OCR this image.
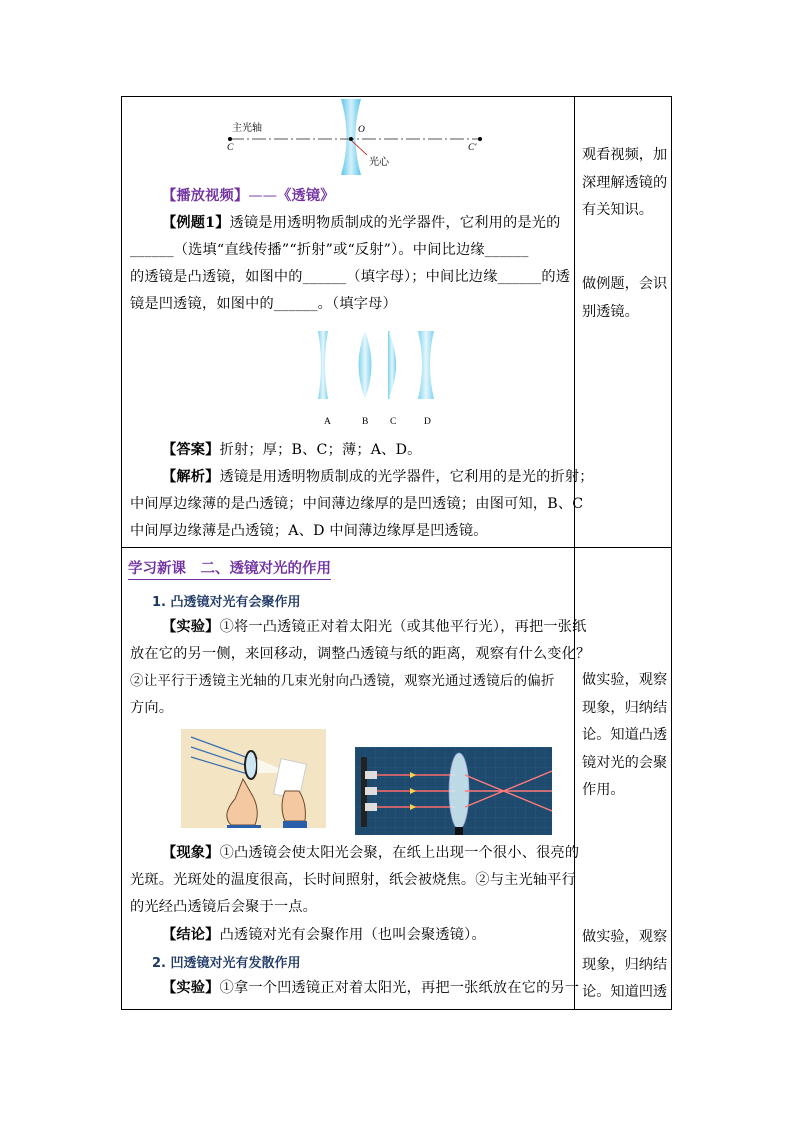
主光轴
C
O
C'
光心
【播放视频】——《透镜》
【例题1】透镜是用透明物质制成的光学器件，它利用的是光的
______（选填“直线传播”“折射”或“反射”）。中间比边缘______
的透镜是凸透镜，如图中的______（填字母）；中间比边缘______的透
镜是凹透镜，如图中的______。（填字母）
A	B C	D
【答案】折射；厚；B、C；薄；A、D。
【解析】透镜是用透明物质制成的光学器件，它利用的是光的折射；
中间厚边缘薄的是凸透镜；中间薄边缘厚的是凹透镜；由图可知，B、C
中间厚边缘薄是凸透镜；A、D 中间薄边缘厚是凹透镜。
学习新课　二、透镜对光的作用
1. 凸透镜对光有会聚作用
【实验】①将一凸透镜正对着太阳光（或其他平行光），再把一张纸
放在它的另一侧，来回移动，调整凸透镜与纸的距离，观察有什么变化？
②让平行于透镜主光轴的几束光射向凸透镜，观察光通过透镜后的偏折
方向。
【现象】①凸透镜会使太阳光会聚，在纸上出现一个很小、很亮的
光斑。光斑处的温度很高，长时间照射，纸会被烧焦。②与主光轴平行
的光经凸透镜后会聚于一点。
【结论】凸透镜对光有会聚作用（也叫会聚透镜）。
2. 凹透镜对光有发散作用
【实验】①拿一个凹透镜正对着太阳光，再把一张纸放在它的另一
观看视频，加
深理解透镜的
有关知识。
做例题，会识
别透镜。
做实验，观察
现象，归纳结
论。知道凸透
镜对光的会聚
作用。
做实验，观察
现象，归纳结
论。知道凹透
